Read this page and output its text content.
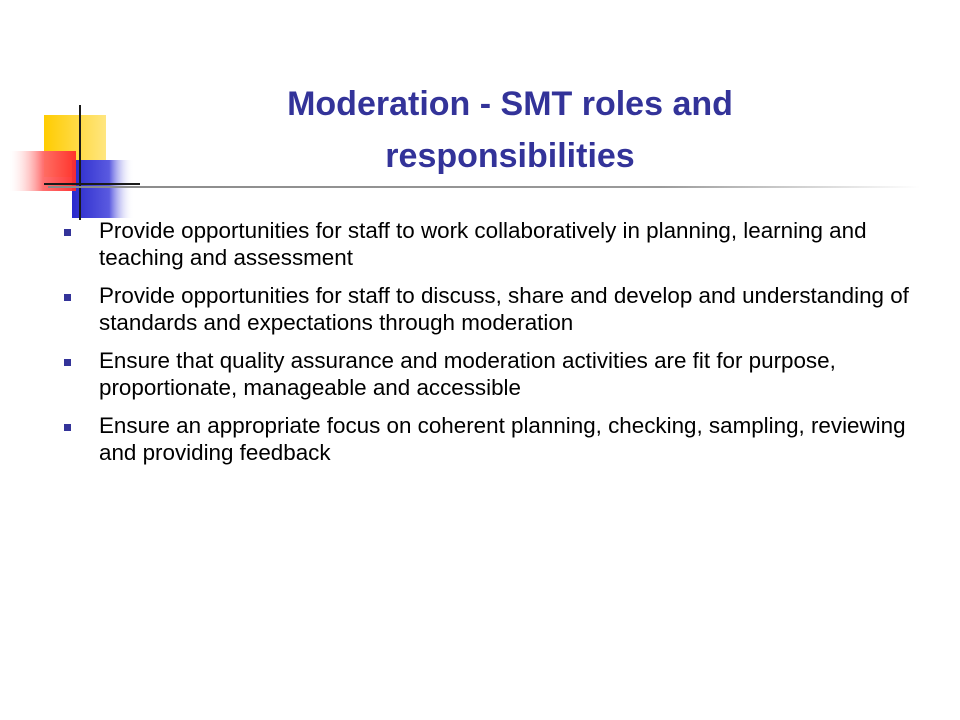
Moderation - SMT roles and responsibilities
Provide opportunities for staff to work collaboratively in planning, learning and teaching and assessment
Provide opportunities for staff to discuss, share and develop and understanding of standards and expectations through moderation
Ensure that quality assurance and moderation activities are fit for purpose, proportionate, manageable and accessible
Ensure an appropriate focus on coherent planning, checking, sampling, reviewing and providing feedback
